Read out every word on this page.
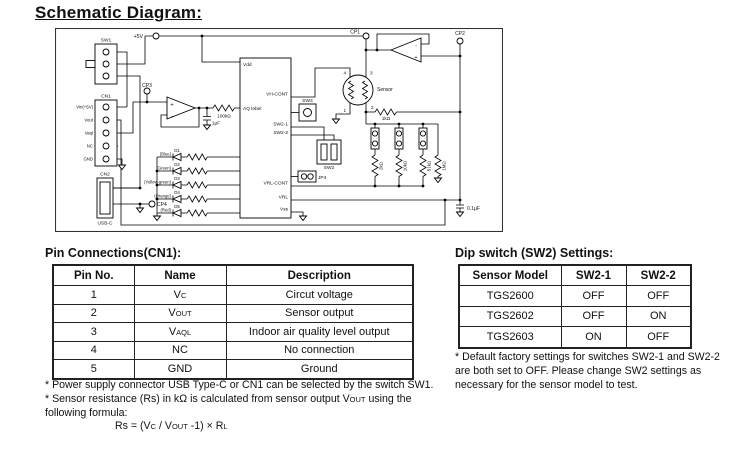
Schematic Diagram:
+5V
CP1	CP2
CP3
CP4
SW1
CN1
CN2
USB-C
Vin(+5V)
Vout
Vaql
NC
GND
Vdd
AQ lebel
VH-CONT
SW2-1
SW2-2
VRL-CONT
VRL
Vss
SW3
SW2
JP4
4	3
1
2
Sensor
1kΩ
100kΩ
1µF
0.1µF
2kΩ	10kΩ	51kΩ 1MΩ
(Blue)
D1
(Green)
D2
(Yellow-green)
D3
(Orange)
D4
(Red)
D5
+
-
-
+
Pin Connections(CN1):
Pin No.	Name	Description
1	VC	Circut voltage
2	VOUT	Sensor output
3	VAQL	Indoor air quality level output
4	NC	No connection
5	GND	Ground
Dip switch (SW2) Settings:
Sensor Model	SW2-1	SW2-2
TGS2600	OFF	OFF
TGS2602	OFF	ON
TGS2603	ON	OFF
* Default factory settings for switches SW2-1 and SW2-2 are both set to OFF. Please change SW2 settings as necessary for the sensor model to test.
* Power supply connector USB Type-C or CN1 can be selected by the switch SW1.
* Sensor resistance (Rs) in kΩ is calculated from sensor output VOUT using the following formula:
Rs = (VC / VOUT -1) × RL
